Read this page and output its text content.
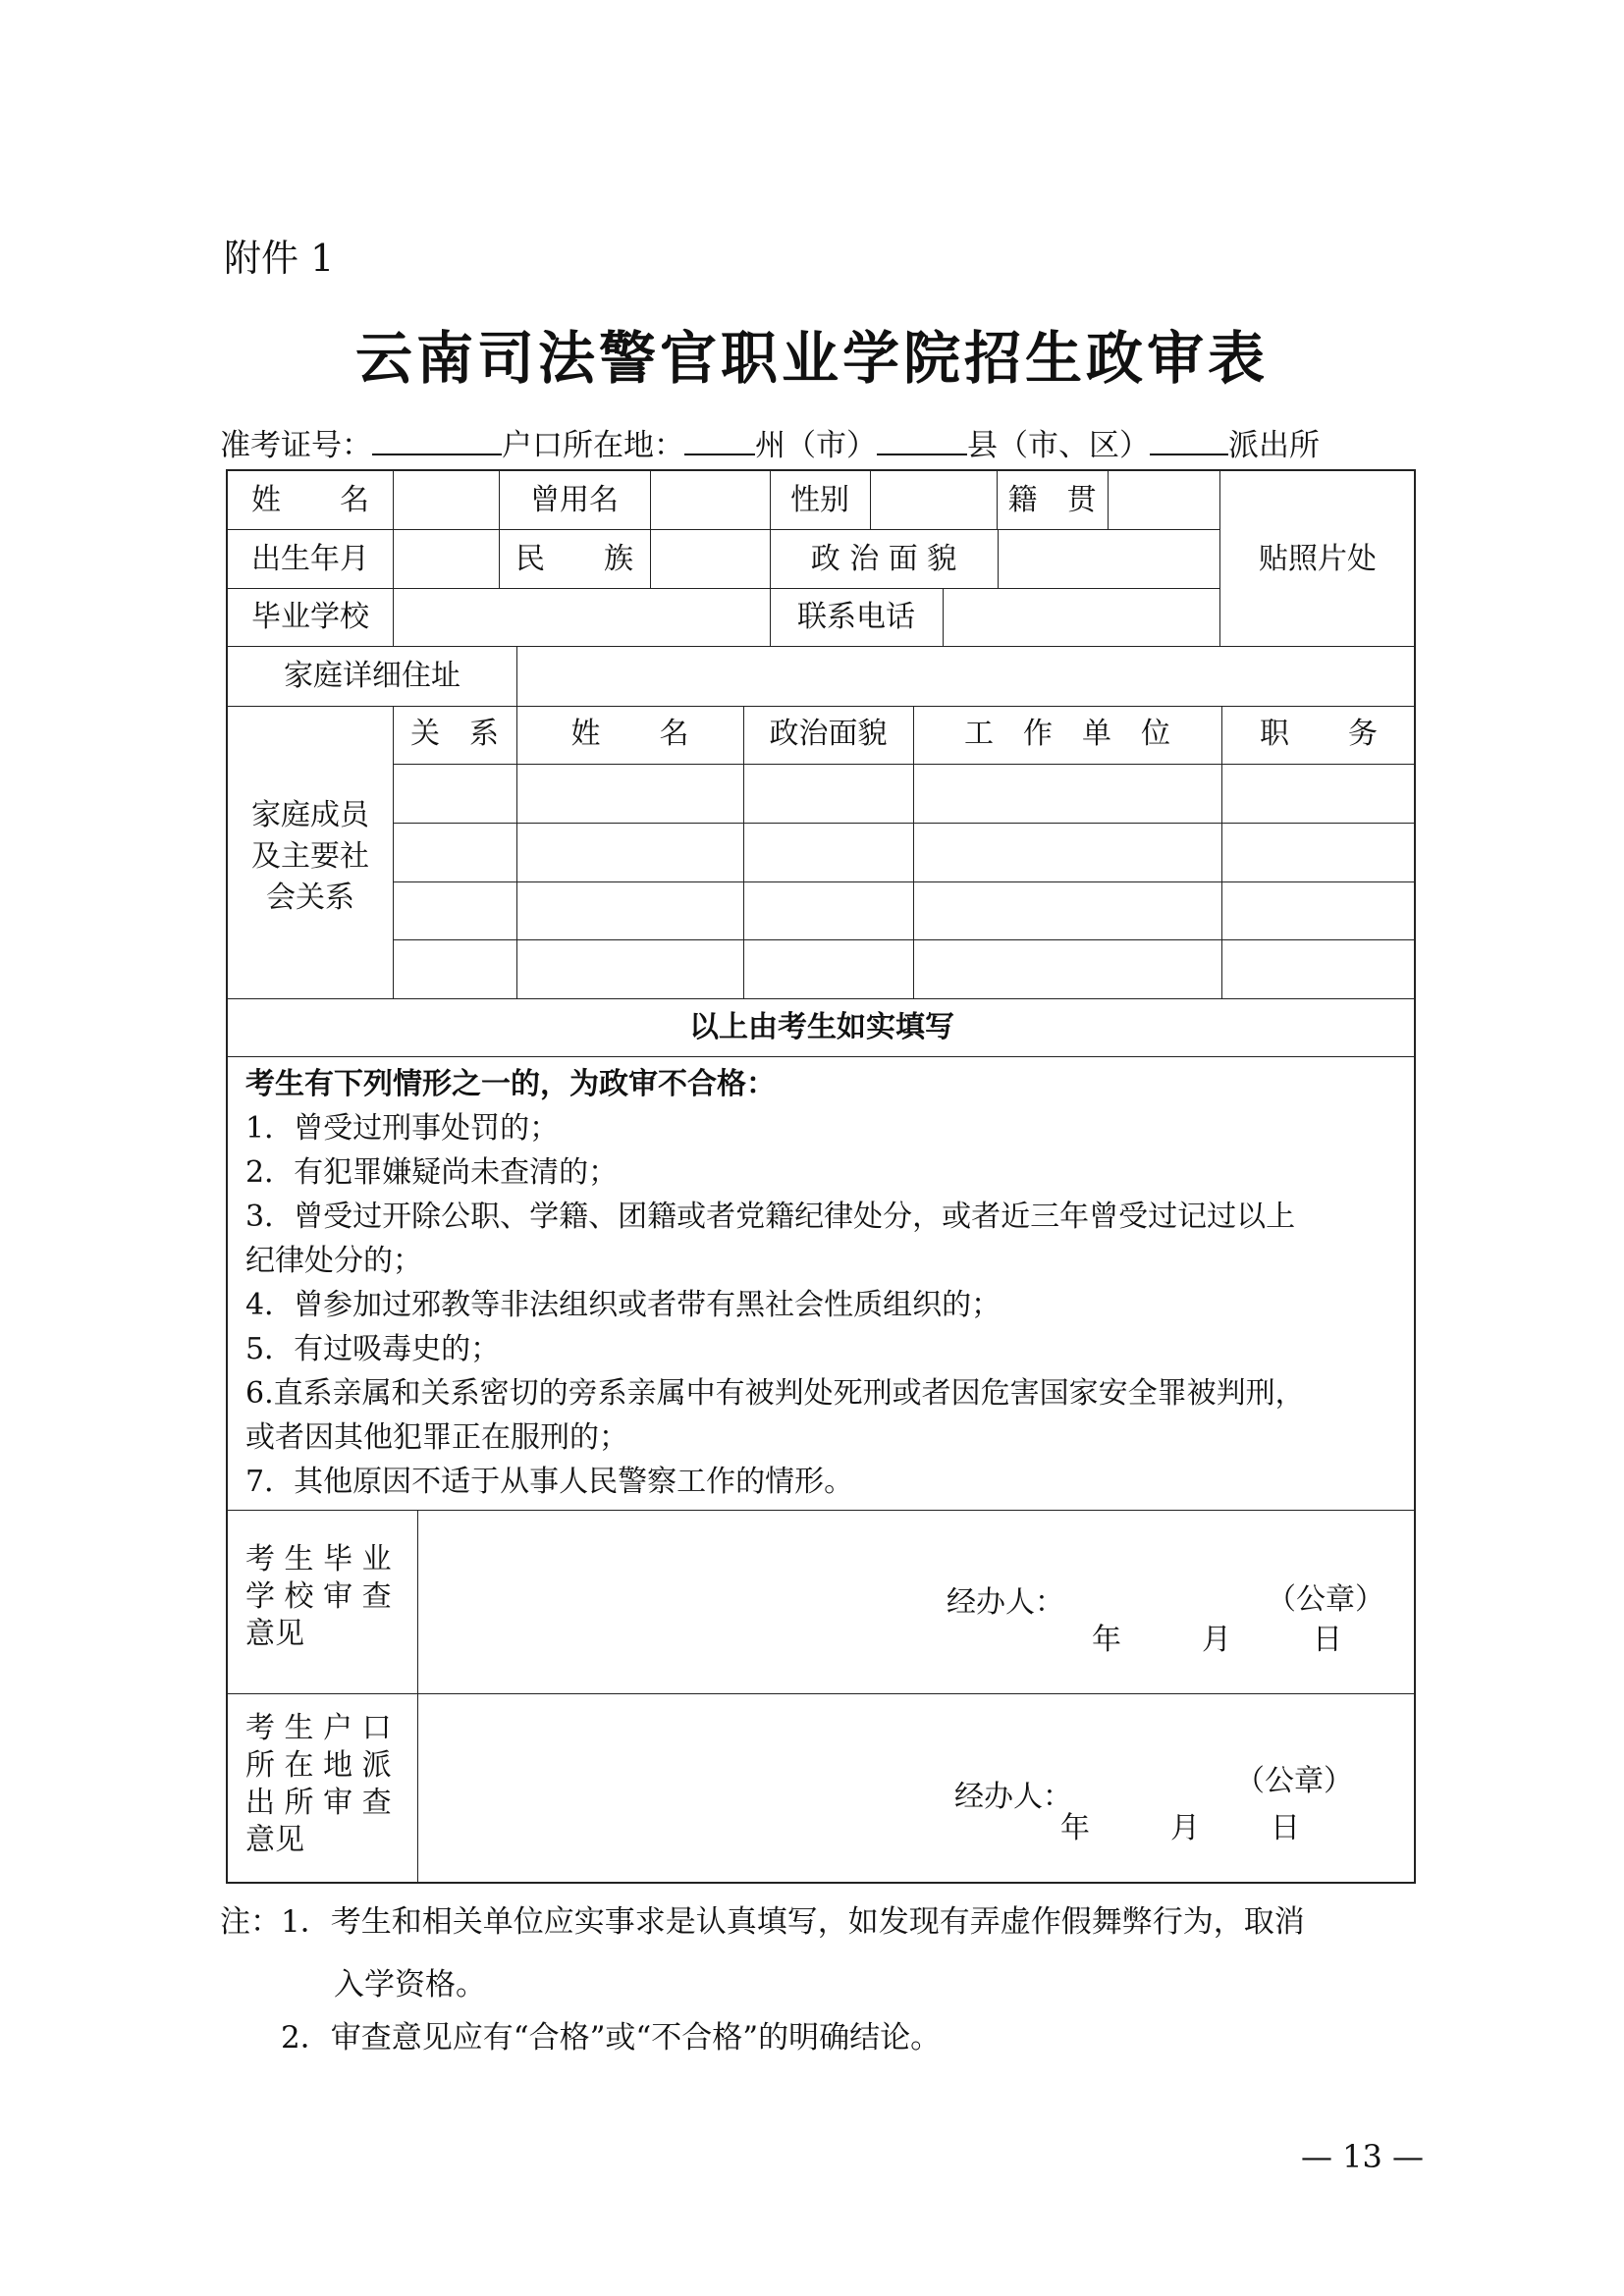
附件 1
云南司法警官职业学院招生政审表
准考证号：	户口所在地： 州（市）	县（市、区）	派出所
姓　　名	曾用名	性别	籍　贯
出生年月	民　　族	政 治 面 貌	贴照片处
毕业学校	联系电话
家庭详细住址
家庭成员
及主要社
会关系
关　系	姓　　名	政治面貌	工　作　单　位	职　　务
以上由考生如实填写
考生有下列情形之一的，为政审不合格：
1．曾受过刑事处罚的；
2．有犯罪嫌疑尚未查清的；
3．曾受过开除公职、学籍、团籍或者党籍纪律处分，或者近三年曾受过记过以上
纪律处分的；
4．曾参加过邪教等非法组织或者带有黑社会性质组织的；
5．有过吸毒史的；
6.直系亲属和关系密切的旁系亲属中有被判处死刑或者因危害国家安全罪被判刑，
或者因其他犯罪正在服刑的；
7．其他原因不适于从事人民警察工作的情形。
考 生 毕 业
学 校 审 查
意见
经办人：	（公章）
年	月	日
考 生 户 口
所 在 地 派
出 所 审 查
意见
经办人：	（公章）
年	月 日
注： 1．考生和相关单位应实事求是认真填写，如发现有弄虚作假舞弊行为，取消
入学资格。
2．审查意见应有“合格”或“不合格”的明确结论。
— 13 —
